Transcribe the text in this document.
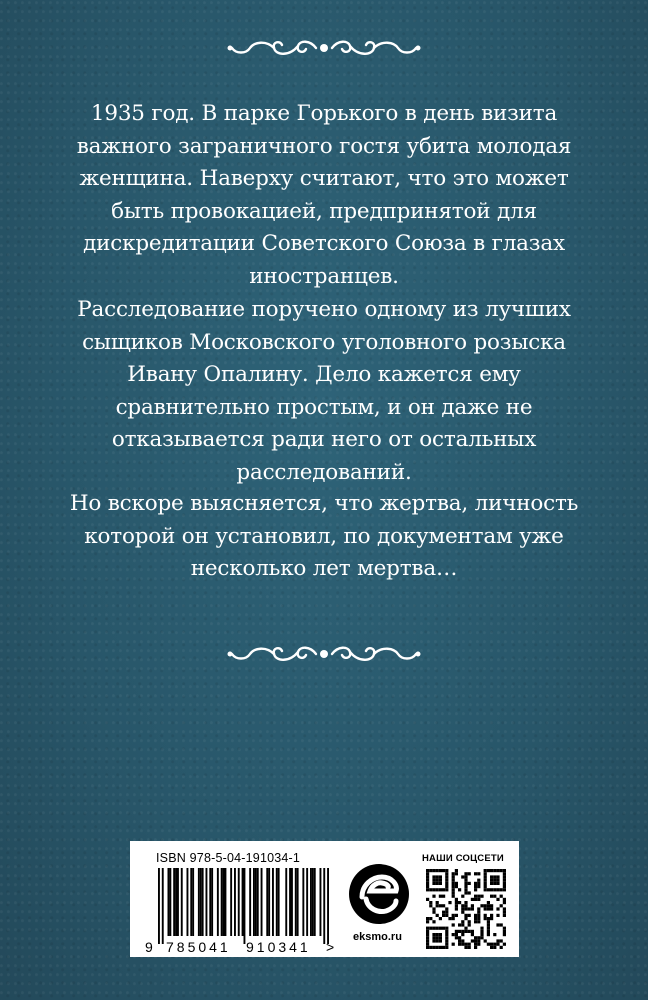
1935 год. В парке Горького в день визита важного заграничного гостя убита молодая женщина. Наверху считают, что это может быть провокацией, предпринятой для дискредитации Советского Союза в глазах иностранцев.

Расследование поручено одному из лучших сыщиков Московского уголовного розыска Ивану Опалину. Дело кажется ему сравнительно простым, и он даже не отказывается ради него от остальных расследований.

Но вскоре выясняется, что жертва, личность которой он установил, по документам уже несколько лет мертва…

ISBN 978-5-04-191034-1
9 785041 910341 >
eksmo.ru
НАШИ СОЦСЕТИ
